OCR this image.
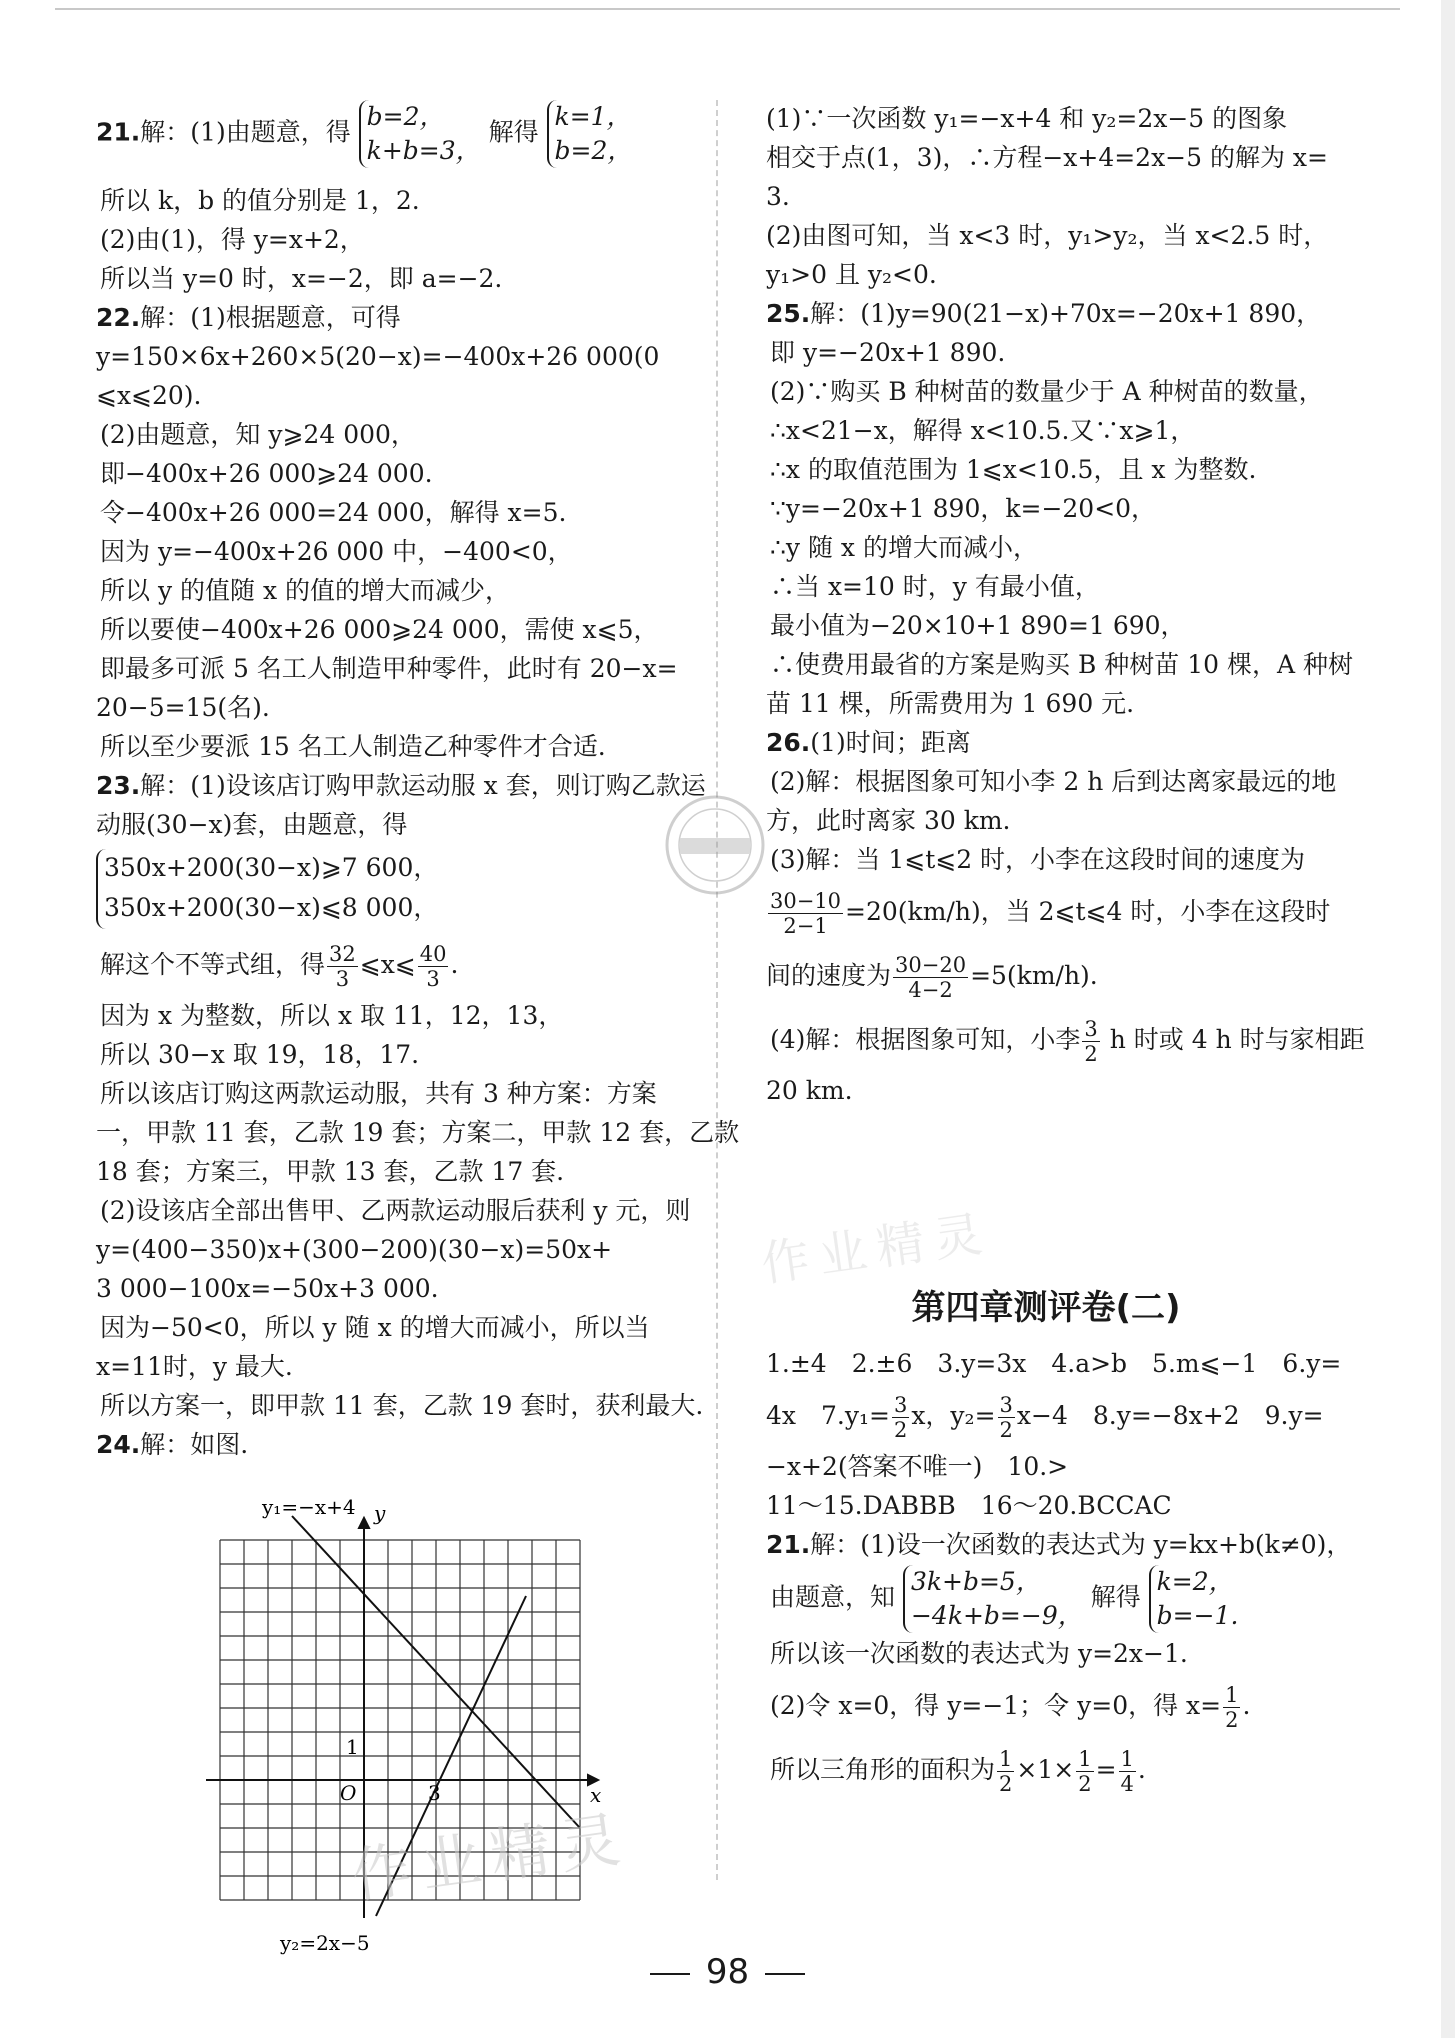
21.解：(1)由题意，得
b=2，
k+b=3，
解得
k=1，
b=2，
所以 k，b 的值分别是 1，2.
(2)由(1)，得 y=x+2，
所以当 y=0 时，x=−2，即 a=−2.
22.解：(1)根据题意，可得
y=150×6x+260×5(20−x)=−400x+26 000(0
⩽x⩽20).
(2)由题意，知 y⩾24 000，
即−400x+26 000⩾24 000.
令−400x+26 000=24 000，解得 x=5.
因为 y=−400x+26 000 中，−400<0，
所以 y 的值随 x 的值的增大而减少，
所以要使−400x+26 000⩾24 000，需使 x⩽5，
即最多可派 5 名工人制造甲种零件，此时有 20−x=
20−5=15(名).
所以至少要派 15 名工人制造乙种零件才合适.
23.解：(1)设该店订购甲款运动服 x 套，则订购乙款运
动服(30−x)套，由题意，得
350x+200(30−x)⩾7 600，
350x+200(30−x)⩽8 000，
解这个不等式组，得 $\frac{32}{3}$ ⩽x⩽ $\frac{40}{3}$ .
因为 x 为整数，所以 x 取 11，12，13，
所以 30−x 取 19，18，17.
所以该店订购这两款运动服，共有 3 种方案：方案
一，甲款 11 套，乙款 19 套；方案二，甲款 12 套，乙款
18 套；方案三，甲款 13 套，乙款 17 套.
(2)设该店全部出售甲、乙两款运动服后获利 y 元，则
y=(400−350)x+(300−200)(30−x)=50x+
3 000−100x=−50x+3 000.
因为−50<0，所以 y 随 x 的增大而减小，所以当
x=11时，y 最大.
所以方案一，即甲款 11 套，乙款 19 套时，获利最大.
24.解：如图.
y₁=−x+4
y₂=2x−5
y
x
O
1
3
(1)∵一次函数 y₁=−x+4 和 y₂=2x−5 的图象
相交于点(1，3)，∴方程−x+4=2x−5 的解为 x=
3.
(2)由图可知，当 x<3 时，y₁>y₂，当 x<2.5 时，
y₁>0 且 y₂<0.
25.解：(1)y=90(21−x)+70x=−20x+1 890，
即 y=−20x+1 890.
(2)∵购买 B 种树苗的数量少于 A 种树苗的数量，
∴x<21−x，解得 x<10.5.又∵x⩾1，
∴x 的取值范围为 1⩽x<10.5，且 x 为整数.
∵y=−20x+1 890，k=−20<0，
∴y 随 x 的增大而减小，
∴当 x=10 时，y 有最小值，
最小值为−20×10+1 890=1 690，
∴使费用最省的方案是购买 B 种树苗 10 棵，A 种树
苗 11 棵，所需费用为 1 690 元.
26.(1)时间；距离
(2)解：根据图象可知小李 2 h 后到达离家最远的地
方，此时离家 30 km.
(3)解：当 1⩽t⩽2 时，小李在这段时间的速度为
$\frac{30-10}{2-1} =20(km/h)$，当 2⩽t⩽4 时，小李在这段时
间的速度为 $\frac{30-20}{4-2} =5(km/h)$.
(4)解：根据图象可知，小李 $\frac{3}{2}$ h 时或 4 h 时与家相距
20 km.
第四章测评卷(二)
1.±4　2.±6　3.y=3x　4.a>b　5.m⩽−1　6.y=
4x　$7.y_1= \frac{3}{2}$ x，$y_2= \frac{3}{2} x-4$　8.y=−8x+2　9.y=
−x+2(答案不唯一)　10.>
11～15.DABBB　16～20.BCCAC
21.解：(1)设一次函数的表达式为 y=kx+b(k≠0)，
由题意，知
3k+b=5，
−4k+b=−9，
解得
k=2，
b=−1.
所以该一次函数的表达式为 y=2x−1.
(2)令 x=0，得 y=−1；令 y=0，得 $x= \frac{1}{2}$ .
所以三角形的面积为 $\frac{1}{2} \times 1\times \frac{1}{2} = \frac{1}{4}$ .
作业精灵
作业精灵
98
